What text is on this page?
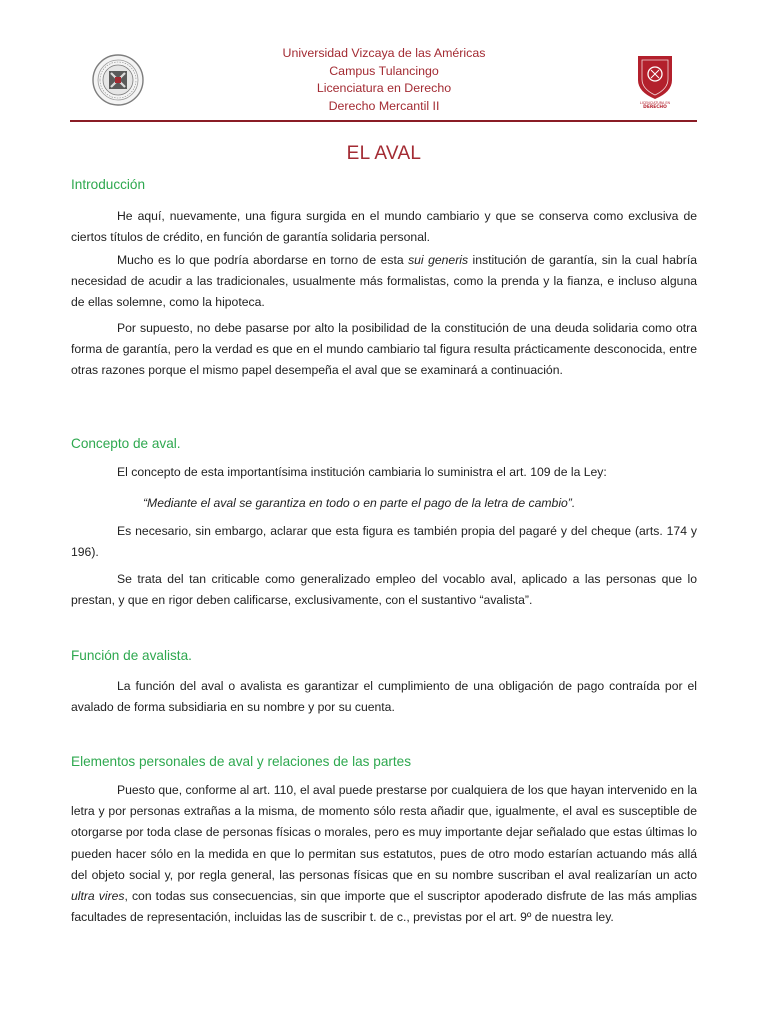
Universidad Vizcaya de las Américas
Campus Tulancingo
Licenciatura en Derecho
Derecho Mercantil II	LICENCIATURA EN
DERECHO
EL AVAL
Introducción
He aquí, nuevamente, una figura surgida en el mundo cambiario y que se conserva como exclusiva de ciertos títulos de crédito, en función de garantía solidaria personal.
Mucho es lo que podría abordarse en torno de esta sui generis institución de garantía, sin la cual habría necesidad de acudir a las tradicionales, usualmente más formalistas, como la prenda y la fianza, e incluso alguna de ellas solemne, como la hipoteca.
Por supuesto, no debe pasarse por alto la posibilidad de la constitución de una deuda solidaria como otra forma de garantía, pero la verdad es que en el mundo cambiario tal figura resulta prácticamente desconocida, entre otras razones porque el mismo papel desempeña el aval que se examinará a continuación.
Concepto de aval.
El concepto de esta importantísima institución cambiaria lo suministra el art. 109 de la Ley:
“Mediante el aval se garantiza en todo o en parte el pago de la letra de cambio”.
Es necesario, sin embargo, aclarar que esta figura es también propia del pagaré y del cheque (arts. 174 y 196).
Se trata del tan criticable como generalizado empleo del vocablo aval, aplicado a las personas que lo prestan, y que en rigor deben calificarse, exclusivamente, con el sustantivo “avalista”.
Función de avalista.
La función del aval o avalista es garantizar el cumplimiento de una obligación de pago contraída por el avalado de forma subsidiaria en su nombre y por su cuenta.
Elementos personales de aval y relaciones de las partes
Puesto que, conforme al art. 110, el aval puede prestarse por cualquiera de los que hayan intervenido en la letra y por personas extrañas a la misma, de momento sólo resta añadir que, igualmente, el aval es susceptible de otorgarse por toda clase de personas físicas o morales, pero es muy importante dejar señalado que estas últimas lo pueden hacer sólo en la medida en que lo permitan sus estatutos, pues de otro modo estarían actuando más allá del objeto social y, por regla general, las personas físicas que en su nombre suscriban el aval realizarían un acto ultra vires, con todas sus consecuencias, sin que importe que el suscriptor apoderado disfrute de las más amplias facultades de representación, incluidas las de suscribir t. de c., previstas por el art. 9º de nuestra ley.
